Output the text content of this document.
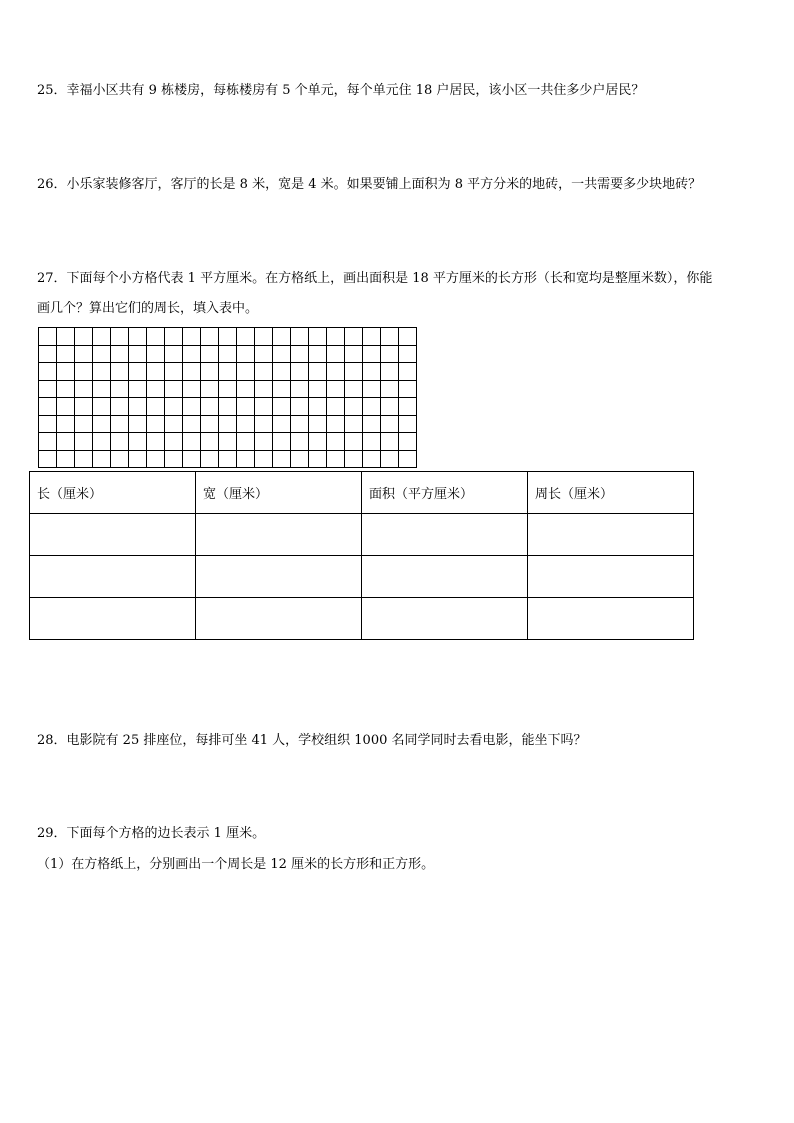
25．幸福小区共有 9 栋楼房，每栋楼房有 5 个单元，每个单元住 18 户居民，该小区一共住多少户居民？
26．小乐家装修客厅，客厅的长是 8 米，宽是 4 米。如果要铺上面积为 8 平方分米的地砖，一共需要多少块地砖？
27．下面每个小方格代表 1 平方厘米。在方格纸上，画出面积是 18 平方厘米的长方形（长和宽均是整厘米数），你能
画几个？算出它们的周长，填入表中。
长（厘米）	宽（厘米）	面积（平方厘米）	周长（厘米）

28．电影院有 25 排座位，每排可坐 41 人，学校组织 1000 名同学同时去看电影，能坐下吗？
29．下面每个方格的边长表示 1 厘米。
（1）在方格纸上，分别画出一个周长是 12 厘米的长方形和正方形。
